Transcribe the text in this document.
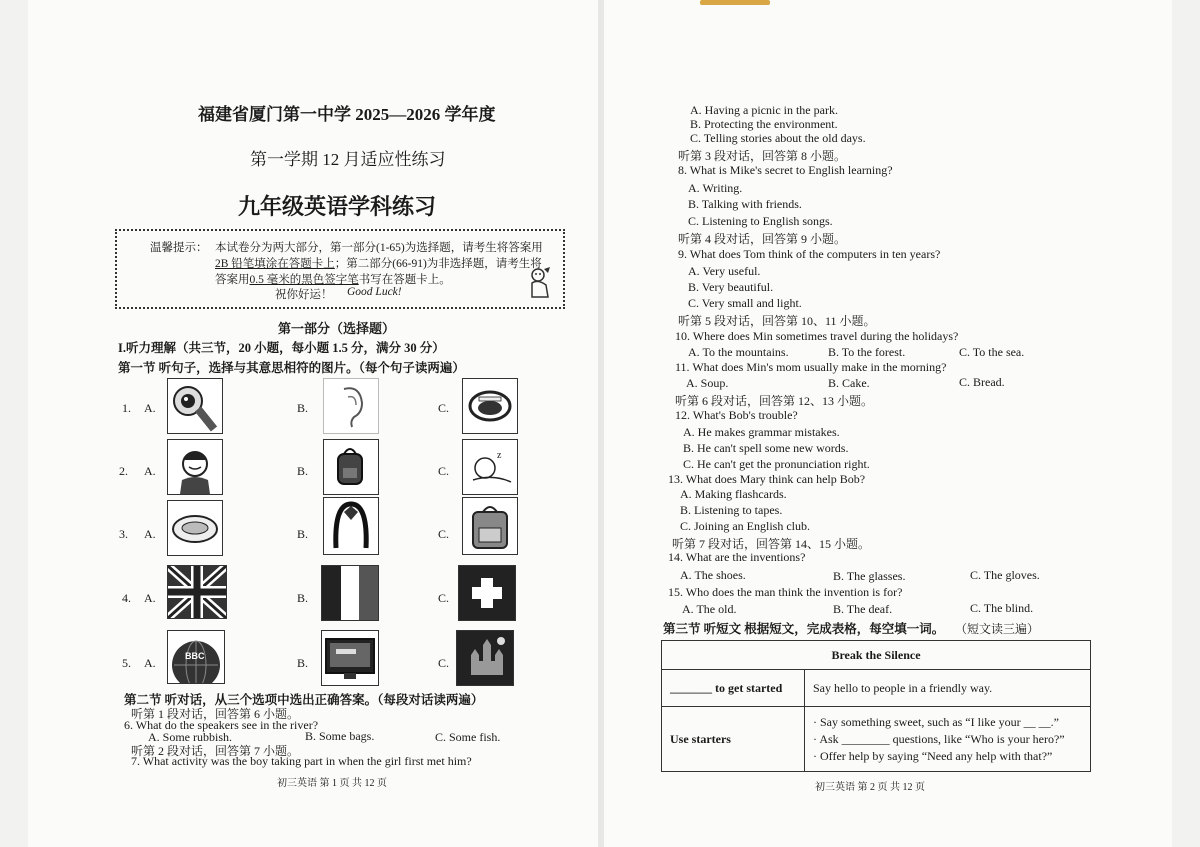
福建省厦门第一中学 2025—2026 学年度
第一学期 12 月适应性练习
九年级英语学科练习
温馨提示： 本试卷分为两大部分，第一部分(1-65)为选择题，请考生将答案用
2B 铅笔填涂在答题卡上；第二部分(66-91)为非选择题，请考生将
答案用0.5 毫米的黑色签字笔书写在答题卡上。
祝你好运！ Good Luck!
第一部分（选择题）
I.听力理解（共三节，20 小题，每小题 1.5 分，满分 30 分）
第一节 听句子，选择与其意思相符的图片。（每个句子读两遍）
1. A.	B.	C.
2. A.	B.	C.
z
3. A.	B.	C.
4. A.	B.	C.
5. A.	B.	C.
BBC
第二节 听对话，从三个选项中选出正确答案。（每段对话读两遍）
听第 1 段对话，回答第 6 小题。
6. What do the speakers see in the river?
A. Some rubbish.	B. Some bags.	C. Some fish.
听第 2 段对话，回答第 7 小题。
7. What activity was the boy taking part in when the girl first met him?
初三英语 第 1 页 共 12 页
A. Having a picnic in the park.
B. Protecting the environment.
C. Telling stories about the old days.
听第 3 段对话，回答第 8 小题。
8. What is Mike's secret to English learning?
A. Writing.
B. Talking with friends.
C. Listening to English songs.
听第 4 段对话，回答第 9 小题。
9. What does Tom think of the computers in ten years?
A. Very useful.
B. Very beautiful.
C. Very small and light.
听第 5 段对话，回答第 10、11 小题。
10. Where does Min sometimes travel during the holidays?
A. To the mountains.	B. To the forest.	C. To the sea.
11. What does Min's mom usually make in the morning?
A. Soup.	B. Cake.	C. Bread.
听第 6 段对话，回答第 12、13 小题。
12. What's Bob's trouble?
A. He makes grammar mistakes.
B. He can't spell some new words.
C. He can't get the pronunciation right.
13. What does Mary think can help Bob?
A. Making flashcards.
B. Listening to tapes.
C. Joining an English club.
听第 7 段对话，回答第 14、15 小题。
14. What are the inventions?
A. The shoes.	B. The glasses.	C. The gloves.
15. Who does the man think the invention is for?
A. The old.	B. The deaf.	C. The blind.
第三节 听短文 根据短文，完成表格，每空填一词。 （短文读三遍）
Break the Silence	
_______ to get started	Say hello to people in a friendly way.
Use starters	· Say something sweet, such as “I like your __ __.”
· Ask ________ questions, like “Who is your hero?”
· Offer help by saying “Need any help with that?”
初三英语 第 2 页 共 12 页
